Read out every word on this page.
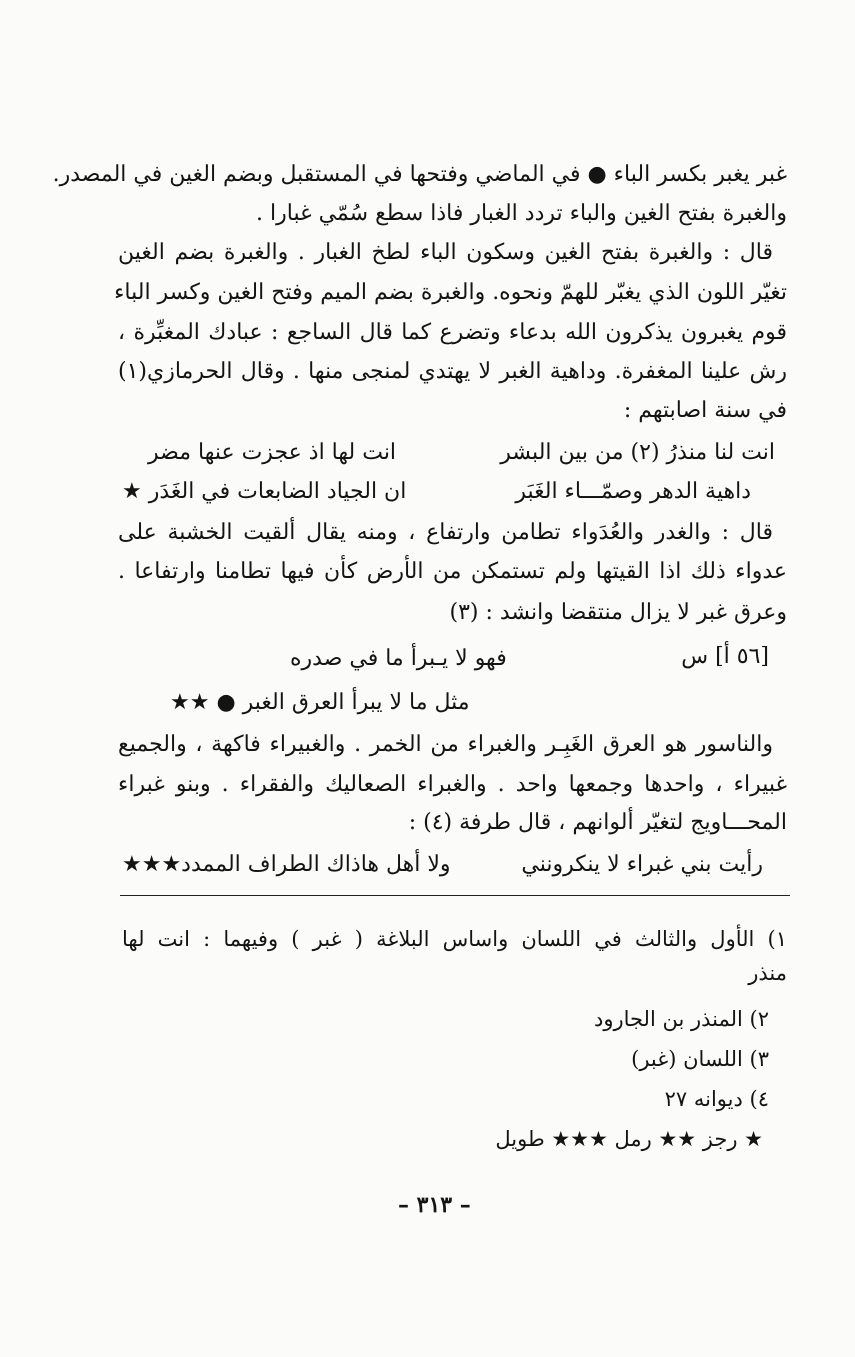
غبر يغبر بكسر الباء ● في الماضي وفتحها في المستقبل وبضم الغين في المصدر.
والغبرة بفتح الغين والباء تردد الغبار فاذا سطع سُمّي غبارا .
قال : والغبرة بفتح الغين وسكون الباء لطخ الغبار . والغبرة بضم الغين
تغيّر اللون الذي يغبّر للهمّ ونحوه. والغبرة بضم الميم وفتح الغين وكسر الباء
قوم يغبرون يذكرون الله بدعاء وتضرع كما قال الساجع : عبادك المغبِّرة ،
رش علينا المغفرة. وداهية الغبر لا يهتدي لمنجى منها . وقال الحرمازي(١)
في سنة اصابتهم :
انت لنا منذرُ (٢) من بين البشر
انت لها اذ عجزت عنها مضر
داهية الدهر وصمّـــاء الغَبَر
ان الجياد الضابعات في الغَدَر ★
قال : والغدر والعُدَواء تطامن وارتفاع ، ومنه يقال ألقيت الخشبة على
عدواء ذلك اذا القيتها ولم تستمكن من الأرض كأن فيها تطامنا وارتفاعا .
وعرق غبر لا يزال منتقضا وانشد : (٣)
[٥٦ أ] س
فهو لا يـبرأ ما في صدره
مثل ما لا يبرأ العرق الغبر ● ★★
والناسور هو العرق الغَبِـر والغبراء من الخمر . والغبيراء فاكهة ، والجميع
غبيراء ، واحدها وجمعها واحد . والغبراء الصعاليك والفقراء . وبنو غبراء
المحـــاويج لتغيّر ألوانهم ، قال طرفة (٤) :
رأيت بني غبراء لا ينكرونني
ولا أهل هاذاك الطراف الممدد★★★
١) الأول والثالث في اللسان واساس البلاغة ( غبر ) وفيهما : انت لها
منذر
٢) المنذر بن الجارود
٣) اللسان (غبر)
٤) ديوانه ٢٧
★ رجز ★★ رمل ★★★ طويل
– ٣١٣ –
